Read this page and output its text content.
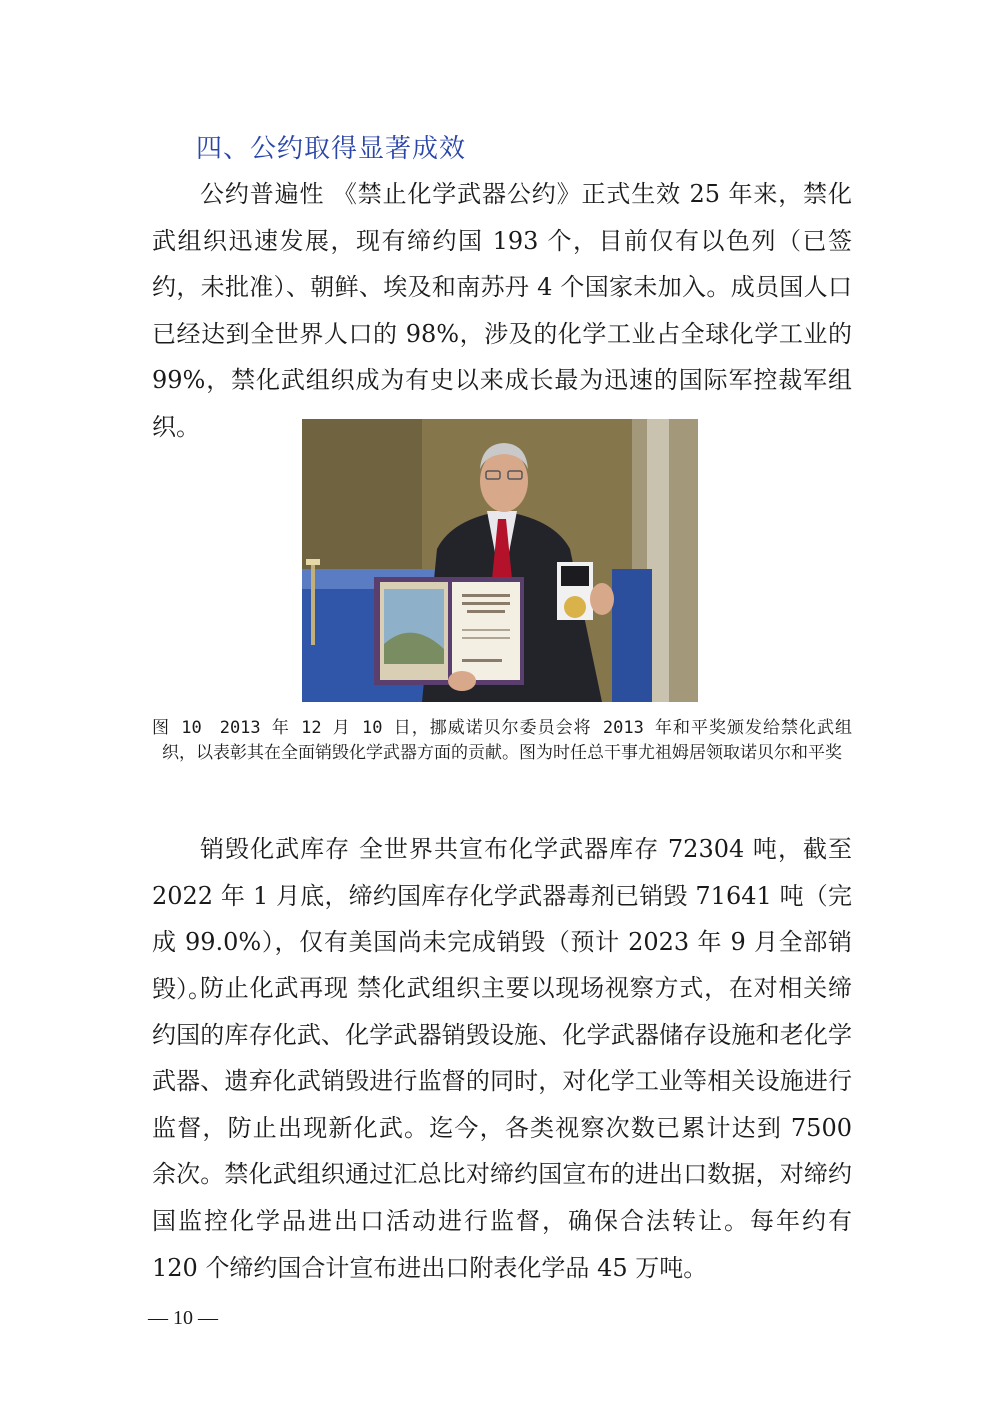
四、公约取得显著成效

公约普遍性 《禁止化学武器公约》正式生效 25 年来，禁化武组织迅速发展，现有缔约国 193 个，目前仅有以色列（已签约，未批准）、朝鲜、埃及和南苏丹 4 个国家未加入。成员国人口已经达到全世界人口的 98%，涉及的化学工业占全球化学工业的 99%，禁化武组织成为有史以来成长最为迅速的国际军控裁军组织。

图 10 2013 年 12 月 10 日，挪威诺贝尔委员会将 2013 年和平奖颁发给禁化武组织，以表彰其在全面销毁化学武器方面的贡献。图为时任总干事尤祖姆居领取诺贝尔和平奖

销毁化武库存 全世界共宣布化学武器库存 72304 吨，截至 2022 年 1 月底，缔约国库存化学武器毒剂已销毁 71641 吨（完成 99.0%），仅有美国尚未完成销毁（预计 2023 年 9 月全部销毁）。

防止化武再现 禁化武组织主要以现场视察方式，在对相关缔约国的库存化武、化学武器销毁设施、化学武器储存设施和老化学武器、遗弃化武销毁进行监督的同时，对化学工业等相关设施进行监督，防止出现新化武。迄今，各类视察次数已累计达到 7500 余次。禁化武组织通过汇总比对缔约国宣布的进出口数据，对缔约国监控化学品进出口活动进行监督，确保合法转让。每年约有 120 个缔约国合计宣布进出口附表化学品 45 万吨。

— 10 —
